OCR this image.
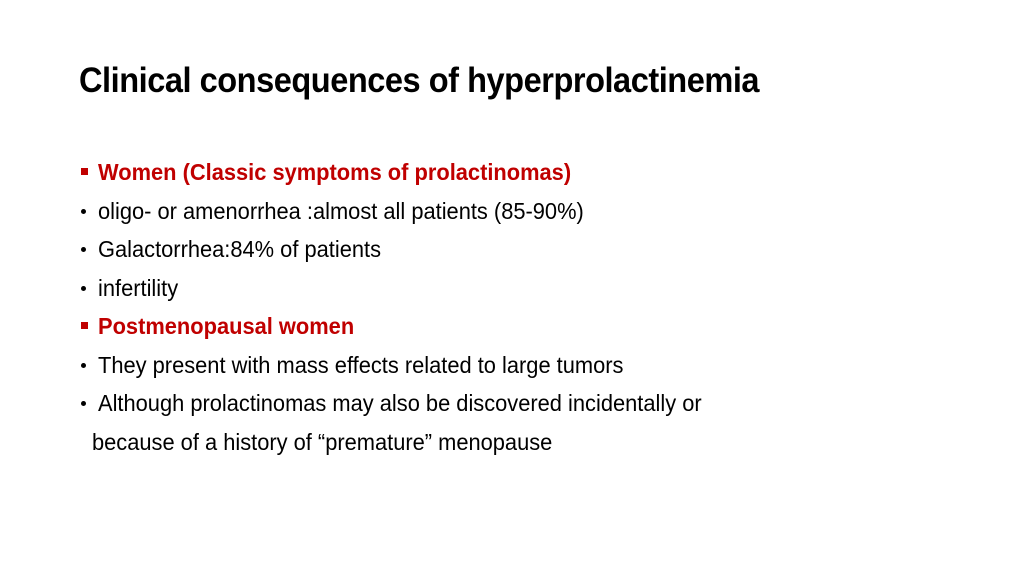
Clinical consequences of hyperprolactinemia
Women (Classic symptoms of prolactinomas)
oligo- or amenorrhea :almost all patients (85-90%)
Galactorrhea:84% of patients
infertility
Postmenopausal women
They present with mass effects related to large tumors
Although prolactinomas may also be discovered incidentally or
because of a history of “premature” menopause
